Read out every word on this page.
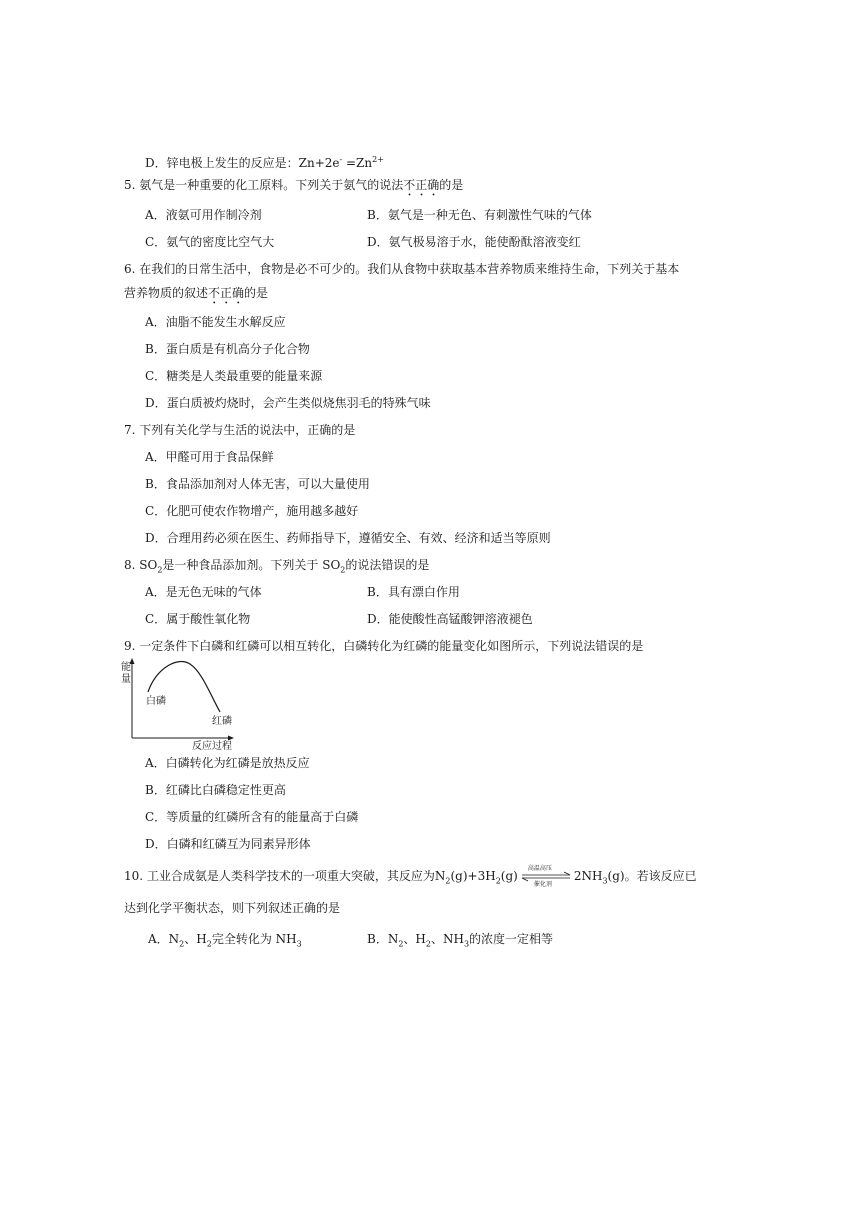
D．锌电极上发生的反应是：$Zn+2e^- =Zn^{2+}$
5. 氨气是一种重要的化工原料。下列关于氨气的说法不正确的是
A．液氨可用作制冷剂	B．氨气是一种无色、有刺激性气味的气体
C．氨气的密度比空气大	D．氨气极易溶于水，能使酚酞溶液变红
6. 在我们的日常生活中，食物是必不可少的。我们从食物中获取基本营养物质来维持生命，下列关于基本
营养物质的叙述不正确的是
A．油脂不能发生水解反应
B．蛋白质是有机高分子化合物
C．糖类是人类最重要的能量来源
D．蛋白质被灼烧时，会产生类似烧焦羽毛的特殊气味
7. 下列有关化学与生活的说法中，正确的是
A．甲醛可用于食品保鲜
B．食品添加剂对人体无害，可以大量使用
C．化肥可使农作物增产，施用越多越好
D．合理用药必须在医生、药师指导下，遵循安全、有效、经济和适当等原则
8. $SO_2$是一种食品添加剂。下列关于 $SO_2$的说法错误的是
A．是无色无味的气体	B．具有漂白作用
C．属于酸性氧化物	D．能使酸性高锰酸钾溶液褪色
9. 一定条件下白磷和红磷可以相互转化，白磷转化为红磷的能量变化如图所示，下列说法错误的是
能量
白磷
红磷
反应过程
A．白磷转化为红磷是放热反应
B．红磷比白磷稳定性更高
C．等质量的红磷所含有的能量高于白磷
D．白磷和红磷互为同素异形体
10. 工业合成氨是人类科学技术的一项重大突破，其反应为$N_2(g)+3H_2(g)$
高温高压
催化剂
$2NH_3(g)$。若该反应已
达到化学平衡状态，则下列叙述正确的是
A．$N_2$、$H_2$完全转化为 $NH_3$	B．$N_2$、$H_2$、$NH_3$的浓度一定相等
